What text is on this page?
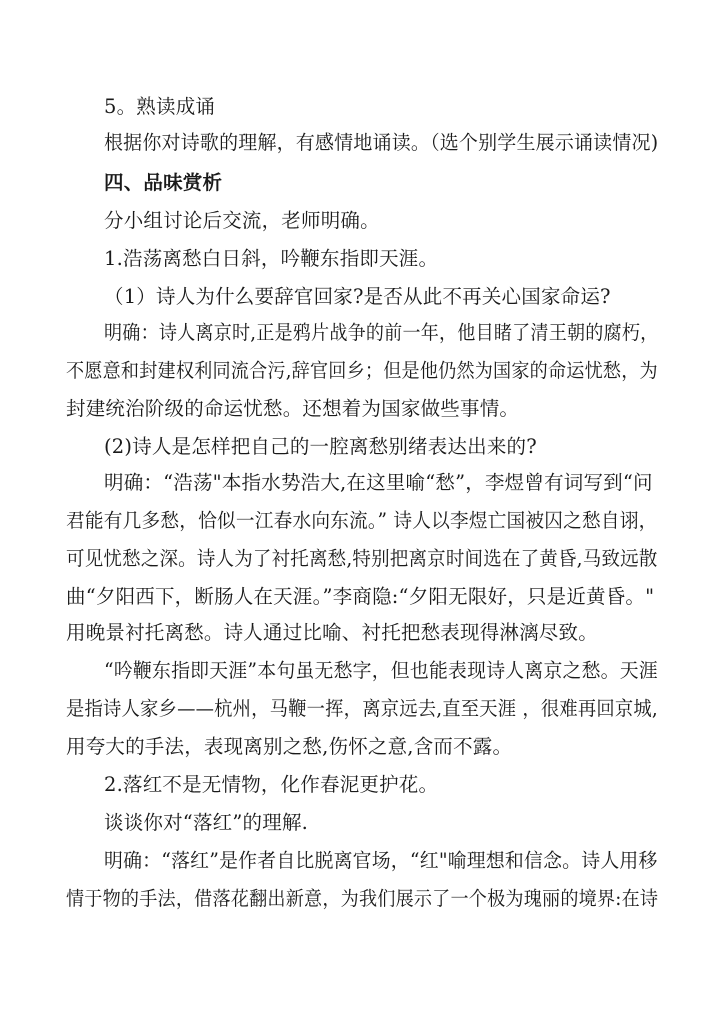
5。熟读成诵
根据你对诗歌的理解，有感情地诵读。（选个别学生展示诵读情况)
四、品味赏析
分小组讨论后交流，老师明确。
1.浩荡离愁白日斜，吟鞭东指即天涯。
（1）诗人为什么要辞官回家?是否从此不再关心国家命运?
明确：诗人离京时,正是鸦片战争的前一年，他目睹了清王朝的腐朽，
不愿意和封建权利同流合污,辞官回乡；但是他仍然为国家的命运忧愁，为
封建统治阶级的命运忧愁。还想着为国家做些事情。
(2)诗人是怎样把自己的一腔离愁别绪表达出来的?
明确：“浩荡"本指水势浩大,在这里喻“愁”，李煜曾有词写到“问
君能有几多愁，恰似一江春水向东流。” 诗人以李煜亡国被囚之愁自诩，
可见忧愁之深。诗人为了衬托离愁,特别把离京时间选在了黄昏,马致远散
曲“夕阳西下，断肠人在天涯。”李商隐:“夕阳无限好，只是近黄昏。"
用晚景衬托离愁。诗人通过比喻、衬托把愁表现得淋漓尽致。
“吟鞭东指即天涯”本句虽无愁字，但也能表现诗人离京之愁。天涯
是指诗人家乡——杭州，马鞭一挥，离京远去,直至天涯 ，很难再回京城,
用夸大的手法，表现离别之愁,伤怀之意,含而不露。
2.落红不是无情物，化作春泥更护花。
谈谈你对“落红”的理解.
明确：“落红”是作者自比脱离官场，“红"喻理想和信念。诗人用移
情于物的手法，借落花翻出新意，为我们展示了一个极为瑰丽的境界:在诗
